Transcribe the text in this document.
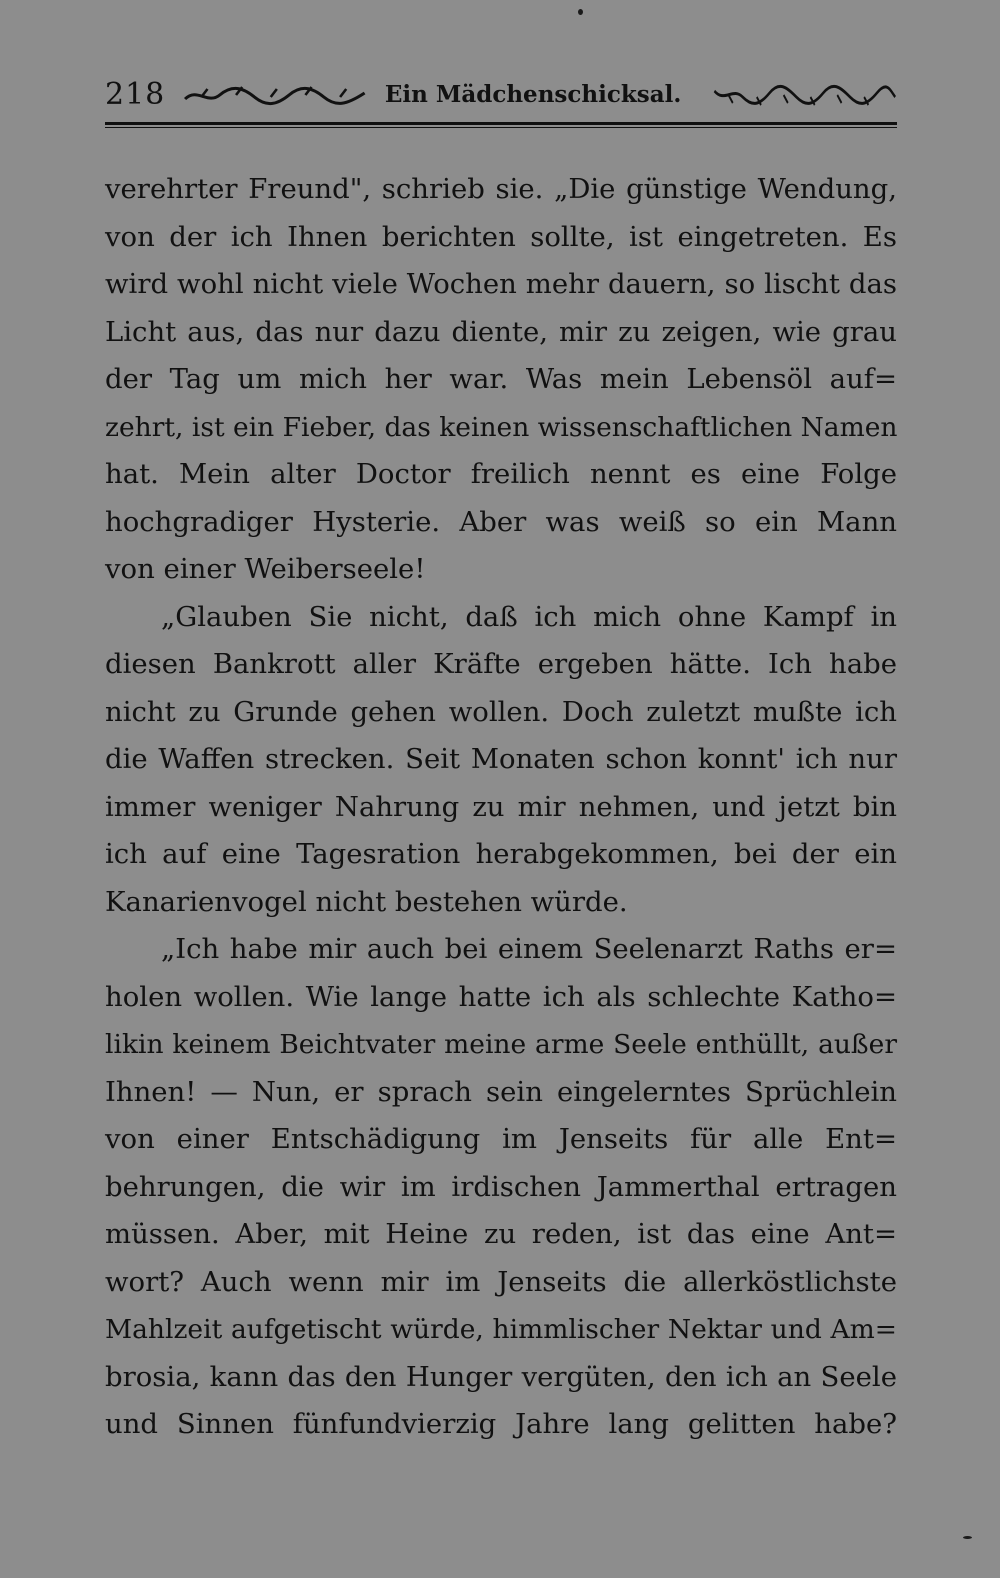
218	Ein Mädchenschicksal.
verehrter Freund", schrieb sie. „Die günstige Wendung,
von der ich Ihnen berichten sollte, ist eingetreten. Es
wird wohl nicht viele Wochen mehr dauern, so lischt das
Licht aus, das nur dazu diente, mir zu zeigen, wie grau
der Tag um mich her war. Was mein Lebensöl auf=
zehrt, ist ein Fieber, das keinen wissenschaftlichen Namen
hat. Mein alter Doctor freilich nennt es eine Folge
hochgradiger Hysterie. Aber was weiß so ein Mann
von einer Weiberseele!
„Glauben Sie nicht, daß ich mich ohne Kampf in
diesen Bankrott aller Kräfte ergeben hätte. Ich habe
nicht zu Grunde gehen wollen. Doch zuletzt mußte ich
die Waffen strecken. Seit Monaten schon konnt' ich nur
immer weniger Nahrung zu mir nehmen, und jetzt bin
ich auf eine Tagesration herabgekommen, bei der ein
Kanarienvogel nicht bestehen würde.
„Ich habe mir auch bei einem Seelenarzt Raths er=
holen wollen. Wie lange hatte ich als schlechte Katho=
likin keinem Beichtvater meine arme Seele enthüllt, außer
Ihnen! — Nun, er sprach sein eingelerntes Sprüchlein
von einer Entschädigung im Jenseits für alle Ent=
behrungen, die wir im irdischen Jammerthal ertragen
müssen. Aber, mit Heine zu reden, ist das eine Ant=
wort? Auch wenn mir im Jenseits die allerköstlichste
Mahlzeit aufgetischt würde, himmlischer Nektar und Am=
brosia, kann das den Hunger vergüten, den ich an Seele
und Sinnen fünfundvierzig Jahre lang gelitten habe?
